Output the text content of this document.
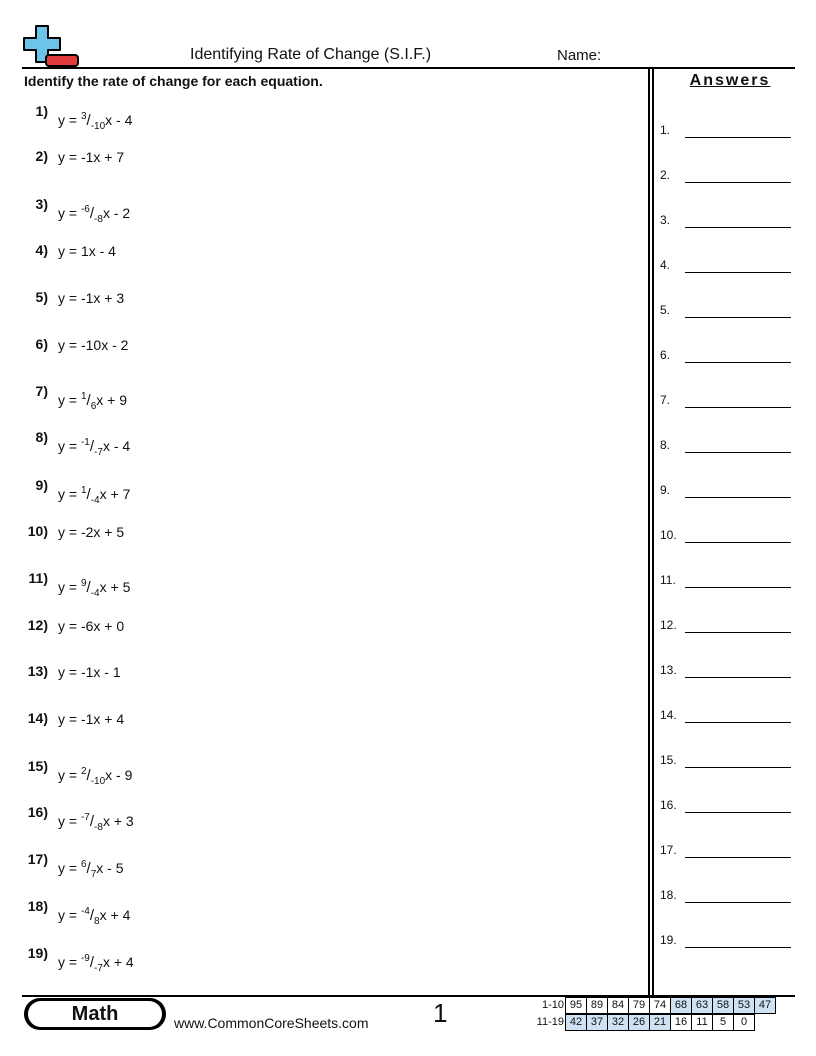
Identifying Rate of Change (S.I.F.)	Name:
Identify the rate of change for each equation.	Answers
1)
$y = ^3/_{-10}x - 4$
2) y = -1x + 7
3)
$y = ^{-6}/_{-8}x - 2$
4) y = 1x - 4
5) y = -1x + 3
6) y = -10x - 2
7)
$y = ^1/_6x + 9$
8)
$y = ^{-1}/_{-7}x - 4$
9)
$y = ^1/_{-4}x + 7$
10) y = -2x + 5
11)
$y = ^9/_{-4}x + 5$
12) y = -6x + 0
13) y = -1x - 1
14) y = -1x + 4
15)
$y = ^2/_{-10}x - 9$
16)
$y = ^{-7}/_{-8}x + 3$
17)
$y = ^6/_7x - 5$
18)
$y = ^{-4}/_8x + 4$
19)
$y = ^{-9}/_{-7}x + 4$
1.
2.
3.
4.
5.
6.
7.
8.
9.
10.
11.
12.
13.
14.
15.
16.
17.
18.
19.
Math	www.CommonCoreSheets.com 1	1-10 95 89 84 79 74 68 63 58 53 47
11-19 42 37 32 26 21 16 11 5 0
